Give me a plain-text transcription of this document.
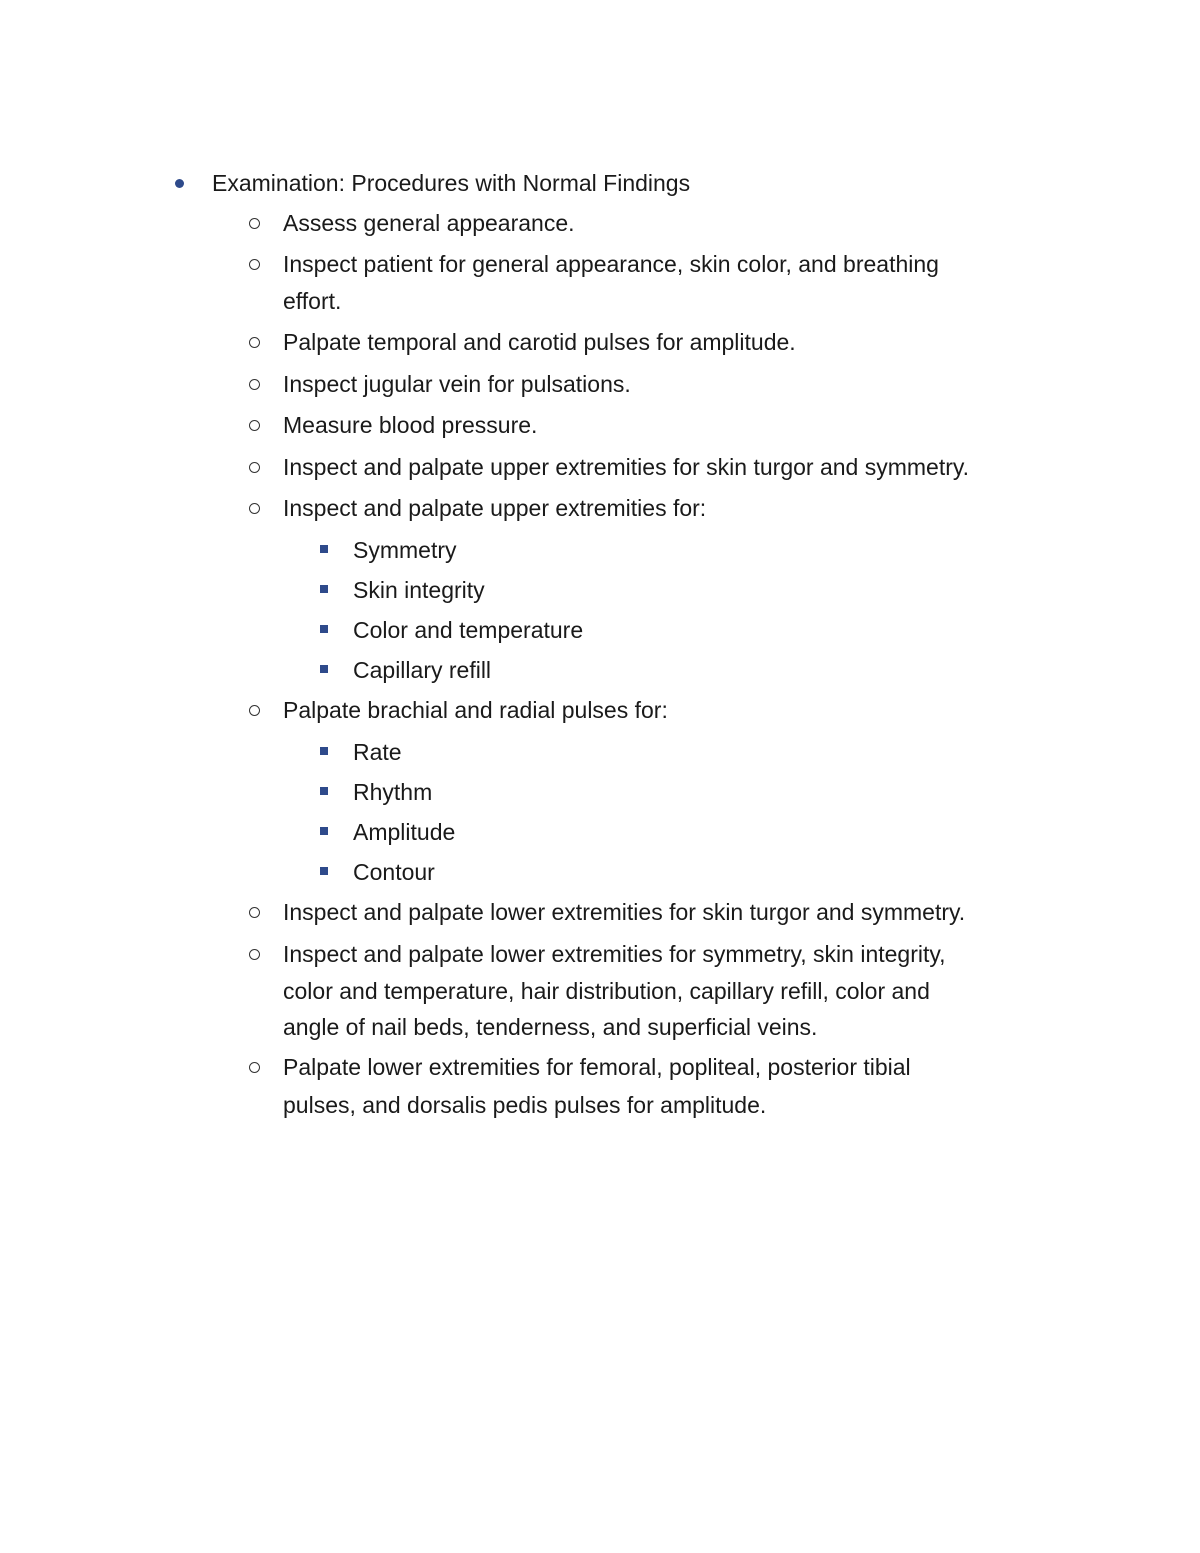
Examination: Procedures with Normal Findings
Assess general appearance.
Inspect patient for general appearance, skin color, and breathing
effort.
Palpate temporal and carotid pulses for amplitude.
Inspect jugular vein for pulsations.
Measure blood pressure.
Inspect and palpate upper extremities for skin turgor and symmetry.
Inspect and palpate upper extremities for:
Symmetry
Skin integrity
Color and temperature
Capillary refill
Palpate brachial and radial pulses for:
Rate
Rhythm
Amplitude
Contour
Inspect and palpate lower extremities for skin turgor and symmetry.
Inspect and palpate lower extremities for symmetry, skin integrity,
color and temperature, hair distribution, capillary refill, color and
angle of nail beds, tenderness, and superficial veins.
Palpate lower extremities for femoral, popliteal, posterior tibial
pulses, and dorsalis pedis pulses for amplitude.
